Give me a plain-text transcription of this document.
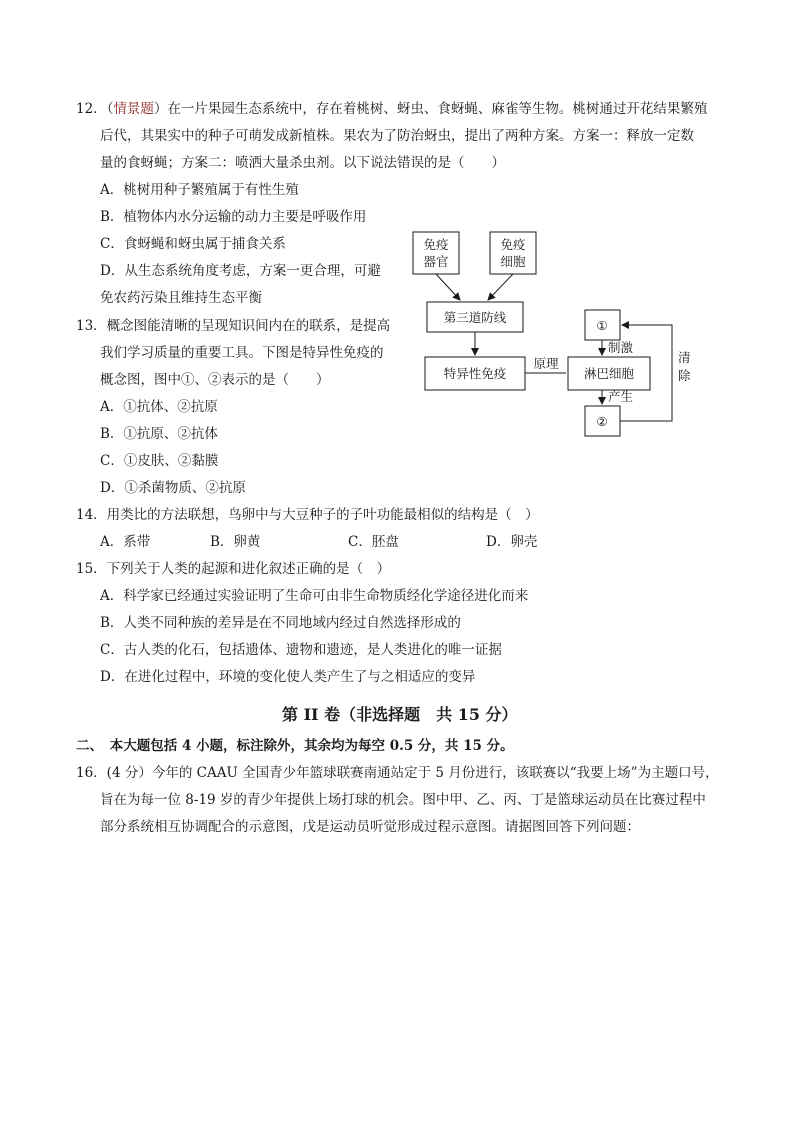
12．（情景题）在一片果园生态系统中，存在着桃树、蚜虫、食蚜蝇、麻雀等生物。桃树通过开花结果繁殖
后代，其果实中的种子可萌发成新植株。果农为了防治蚜虫，提出了两种方案。方案一：释放一定数
量的食蚜蝇；方案二：喷洒大量杀虫剂。以下说法错误的是（　　）
A．桃树用种子繁殖属于有性生殖
B．植物体内水分运输的动力主要是呼吸作用
C．食蚜蝇和蚜虫属于捕食关系
D．从生态系统角度考虑，方案一更合理，可避
免农药污染且维持生态平衡
13．概念图能清晰的呈现知识间内在的联系，是提高
我们学习质量的重要工具。下图是特异性免疫的
概念图，图中①、②表示的是（　　）
A．①抗体、②抗原
B．①抗原、②抗体
C．①皮肤、②黏膜
D．①杀菌物质、②抗原
免疫
器官
免疫
细胞
第三道防线
特异性免疫
原理
淋巴细胞
①
②
制激
产生
清
除
14．用类比的方法联想，鸟卵中与大豆种子的子叶功能最相似的结构是（　）
A．系带	B．卵黄	C．胚盘	D．卵壳
15．下列关于人类的起源和进化叙述正确的是（　）
A．科学家已经通过实验证明了生命可由非生命物质经化学途径进化而来
B．人类不同种族的差异是在不同地域内经过自然选择形成的
C．古人类的化石，包括遗体、遗物和遗迹，是人类进化的唯一证据
D．在进化过程中，环境的变化使人类产生了与之相适应的变异
第 II 卷（非选择题　共 15 分）
二、　本大题包括 4 小题，标注除外，其余均为每空 0.5 分，共 15 分。
16．(4 分）今年的 CAAU 全国青少年篮球联赛南通站定于 5 月份进行，该联赛以“我要上场”为主题口号，
旨在为每一位 8-19 岁的青少年提供上场打球的机会。图中甲、乙、丙、丁是篮球运动员在比赛过程中
部分系统相互协调配合的示意图，戊是运动员听觉形成过程示意图。请据图回答下列问题：
